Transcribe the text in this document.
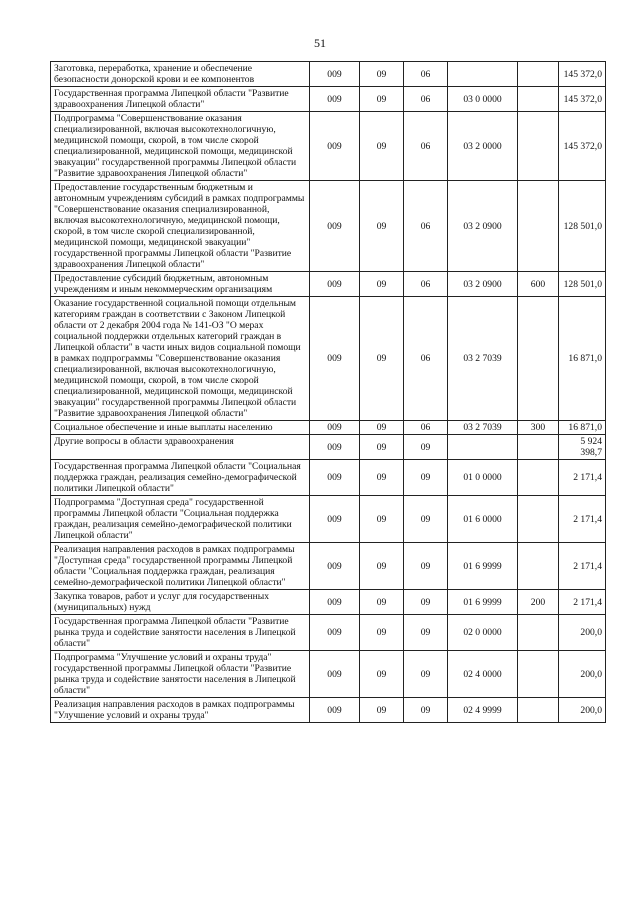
51
Заготовка, переработка, хранение и обеспечение безопасности донорской крови и ее компонентов	009	09	06			145 372,0
Государственная программа Липецкой области "Развитие здравоохранения Липецкой области"	009	09	06	03 0 0000		145 372,0
Подпрограмма "Совершенствование оказания специализированной, включая высокотехнологичную, медицинской помощи, скорой, в том числе скорой специализированной, медицинской помощи, медицинской эвакуации" государственной программы Липецкой области "Развитие здравоохранения Липецкой области"	009	09	06	03 2 0000		145 372,0
Предоставление государственным бюджетным и автономным учреждениям субсидий в рамках подпрограммы "Совершенствование оказания специализированной, включая высокотехнологичную, медицинской помощи, скорой, в том числе скорой специализированной, медицинской помощи, медицинской эвакуации" государственной программы Липецкой области "Развитие здравоохранения Липецкой области"	009	09	06	03 2 0900		128 501,0
Предоставление субсидий бюджетным, автономным учреждениям и иным некоммерческим организациям	009	09	06	03 2 0900	600	128 501,0
Оказание государственной социальной помощи отдельным категориям граждан в соответствии с Законом Липецкой области от 2 декабря 2004 года № 141-ОЗ "О мерах социальной поддержки отдельных категорий граждан в Липецкой области" в части иных видов социальной помощи в рамках подпрограммы "Совершенствование оказания специализированной, включая высокотехнологичную, медицинской помощи, скорой, в том числе скорой специализированной, медицинской помощи, медицинской эвакуации" государственной программы Липецкой области "Развитие здравоохранения Липецкой области"	009	09	06	03 2 7039		16 871,0
Социальное обеспечение и иные выплаты населению	009	09	06	03 2 7039	300	16 871,0
Другие вопросы в области здравоохранения	009	09	09			5 924 398,7
Государственная программа Липецкой области "Социальная поддержка граждан, реализация семейно-демографической политики Липецкой области"	009	09	09	01 0 0000		2 171,4
Подпрограмма "Доступная среда" государственной программы Липецкой области "Социальная поддержка граждан, реализация семейно-демографической политики Липецкой области"	009	09	09	01 6 0000		2 171,4
Реализация направления расходов в рамках подпрограммы "Доступная среда" государственной программы Липецкой области "Социальная поддержка граждан, реализация семейно-демографической политики Липецкой области"	009	09	09	01 6 9999		2 171,4
Закупка товаров, работ и услуг для государственных (муниципальных) нужд	009	09	09	01 6 9999	200	2 171,4
Государственная программа Липецкой области "Развитие рынка труда и содействие занятости населения в Липецкой области"	009	09	09	02 0 0000		200,0
Подпрограмма "Улучшение условий и охраны труда" государственной программы Липецкой области "Развитие рынка труда и содействие занятости населения в Липецкой области"	009	09	09	02 4 0000		200,0
Реализация направления расходов в рамках подпрограммы "Улучшение условий и охраны труда"	009	09	09	02 4 9999		200,0
